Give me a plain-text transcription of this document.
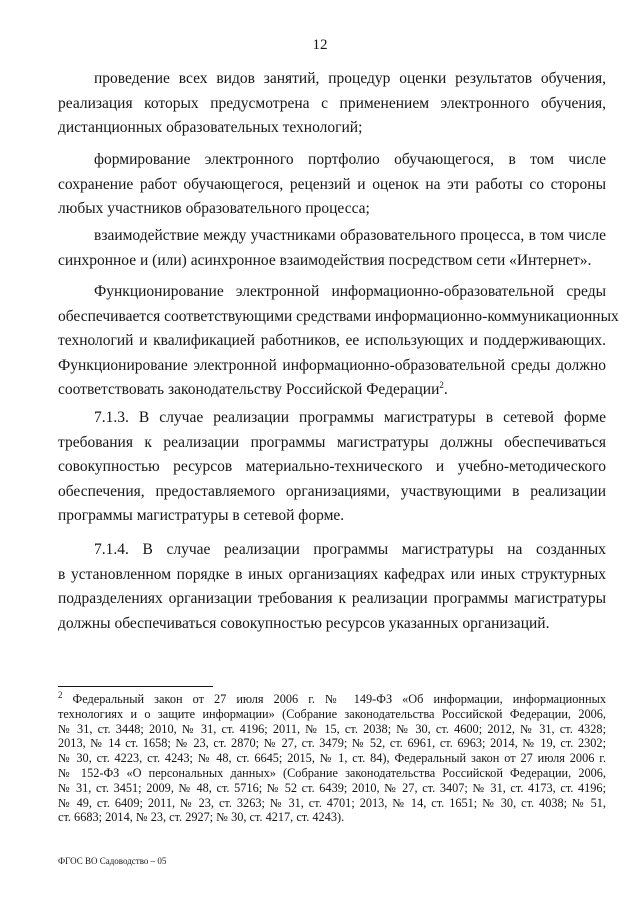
12

проведение всех видов занятий, процедур оценки результатов обучения,
реализация которых предусмотрена с применением электронного обучения,
дистанционных образовательных технологий;

формирование электронного портфолио обучающегося, в том числе
сохранение работ обучающегося, рецензий и оценок на эти работы со стороны
любых участников образовательного процесса;

взаимодействие между участниками образовательного процесса, в том числе
синхронное и (или) асинхронное взаимодействия посредством сети «Интернет».

Функционирование электронной информационно-образовательной среды
обеспечивается соответствующими средствами информационно-коммуникационных
технологий и квалификацией работников, ее использующих и поддерживающих.
Функционирование электронной информационно-образовательной среды должно
соответствовать законодательству Российской Федерации$^2$.

7.1.3. В случае реализации программы магистратуры в сетевой форме
требования к реализации программы магистратуры должны обеспечиваться
совокупностью ресурсов материально-технического и учебно-методического
обеспечения, предоставляемого организациями, участвующими в реализации
программы магистратуры в сетевой форме.

7.1.4. В случае реализации программы магистратуры на созданных
в установленном порядке в иных организациях кафедрах или иных структурных
подразделениях организации требования к реализации программы магистратуры
должны обеспечиваться совокупностью ресурсов указанных организаций.

$^2$ Федеральный закон от 27 июля 2006 г. № 149-ФЗ «Об информации, информационных
технологиях и о защите информации» (Собрание законодательства Российской Федерации, 2006,
№ 31, ст. 3448; 2010, № 31, ст. 4196; 2011, № 15, ст. 2038; № 30, ст. 4600; 2012, № 31, ст. 4328;
2013, № 14 ст. 1658; № 23, ст. 2870; № 27, ст. 3479; № 52, ст. 6961, ст. 6963; 2014, № 19, ст. 2302;
№ 30, ст. 4223, ст. 4243; № 48, ст. 6645; 2015, № 1, ст. 84), Федеральный закон от 27 июля 2006 г.
№ 152-ФЗ «О персональных данных» (Собрание законодательства Российской Федерации, 2006,
№ 31, ст. 3451; 2009, № 48, ст. 5716; № 52 ст. 6439; 2010, № 27, ст. 3407; № 31, ст. 4173, ст. 4196;
№ 49, ст. 6409; 2011, № 23, ст. 3263; № 31, ст. 4701; 2013, № 14, ст. 1651; № 30, ст. 4038; № 51,
ст. 6683; 2014, № 23, ст. 2927; № 30, ст. 4217, ст. 4243).

ФГОС ВО Садоводство – 05
